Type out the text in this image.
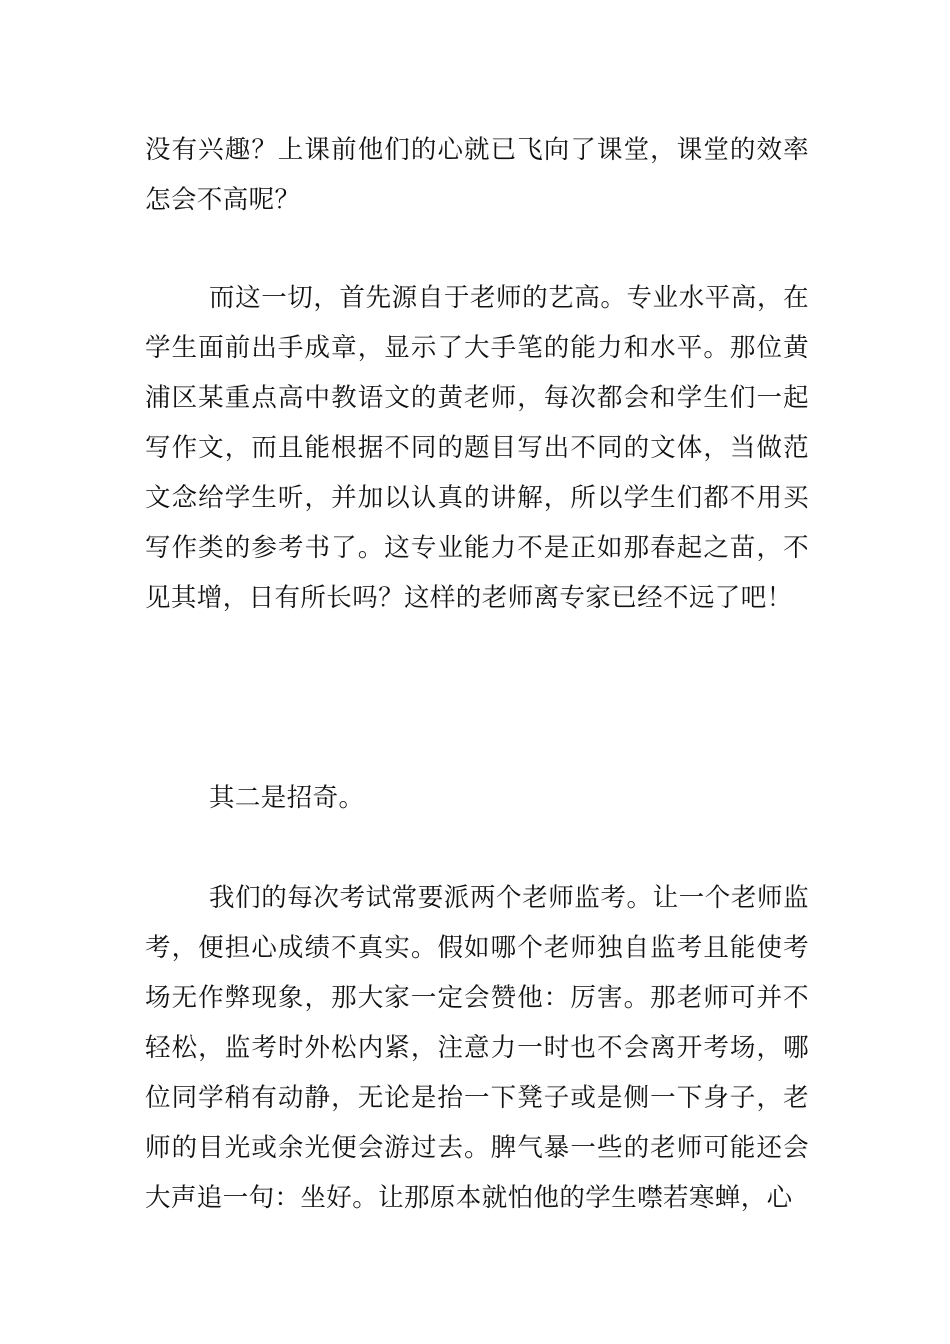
没有兴趣？上课前他们的心就已飞向了课堂，课堂的效率怎会不高呢？

而这一切，首先源自于老师的艺高。专业水平高，在学生面前出手成章，显示了大手笔的能力和水平。那位黄浦区某重点高中教语文的黄老师，每次都会和学生们一起写作文，而且能根据不同的题目写出不同的文体，当做范文念给学生听，并加以认真的讲解，所以学生们都不用买写作类的参考书了。这专业能力不是正如那春起之苗，不见其增，日有所长吗？这样的老师离专家已经不远了吧！

其二是招奇。

我们的每次考试常要派两个老师监考。让一个老师监考，便担心成绩不真实。假如哪个老师独自监考且能使考场无作弊现象，那大家一定会赞他：厉害。那老师可并不轻松，监考时外松内紧，注意力一时也不会离开考场，哪位同学稍有动静，无论是抬一下凳子或是侧一下身子，老师的目光或余光便会游过去。脾气暴一些的老师可能还会大声追一句：坐好。让那原本就怕他的学生噤若寒蝉，心
